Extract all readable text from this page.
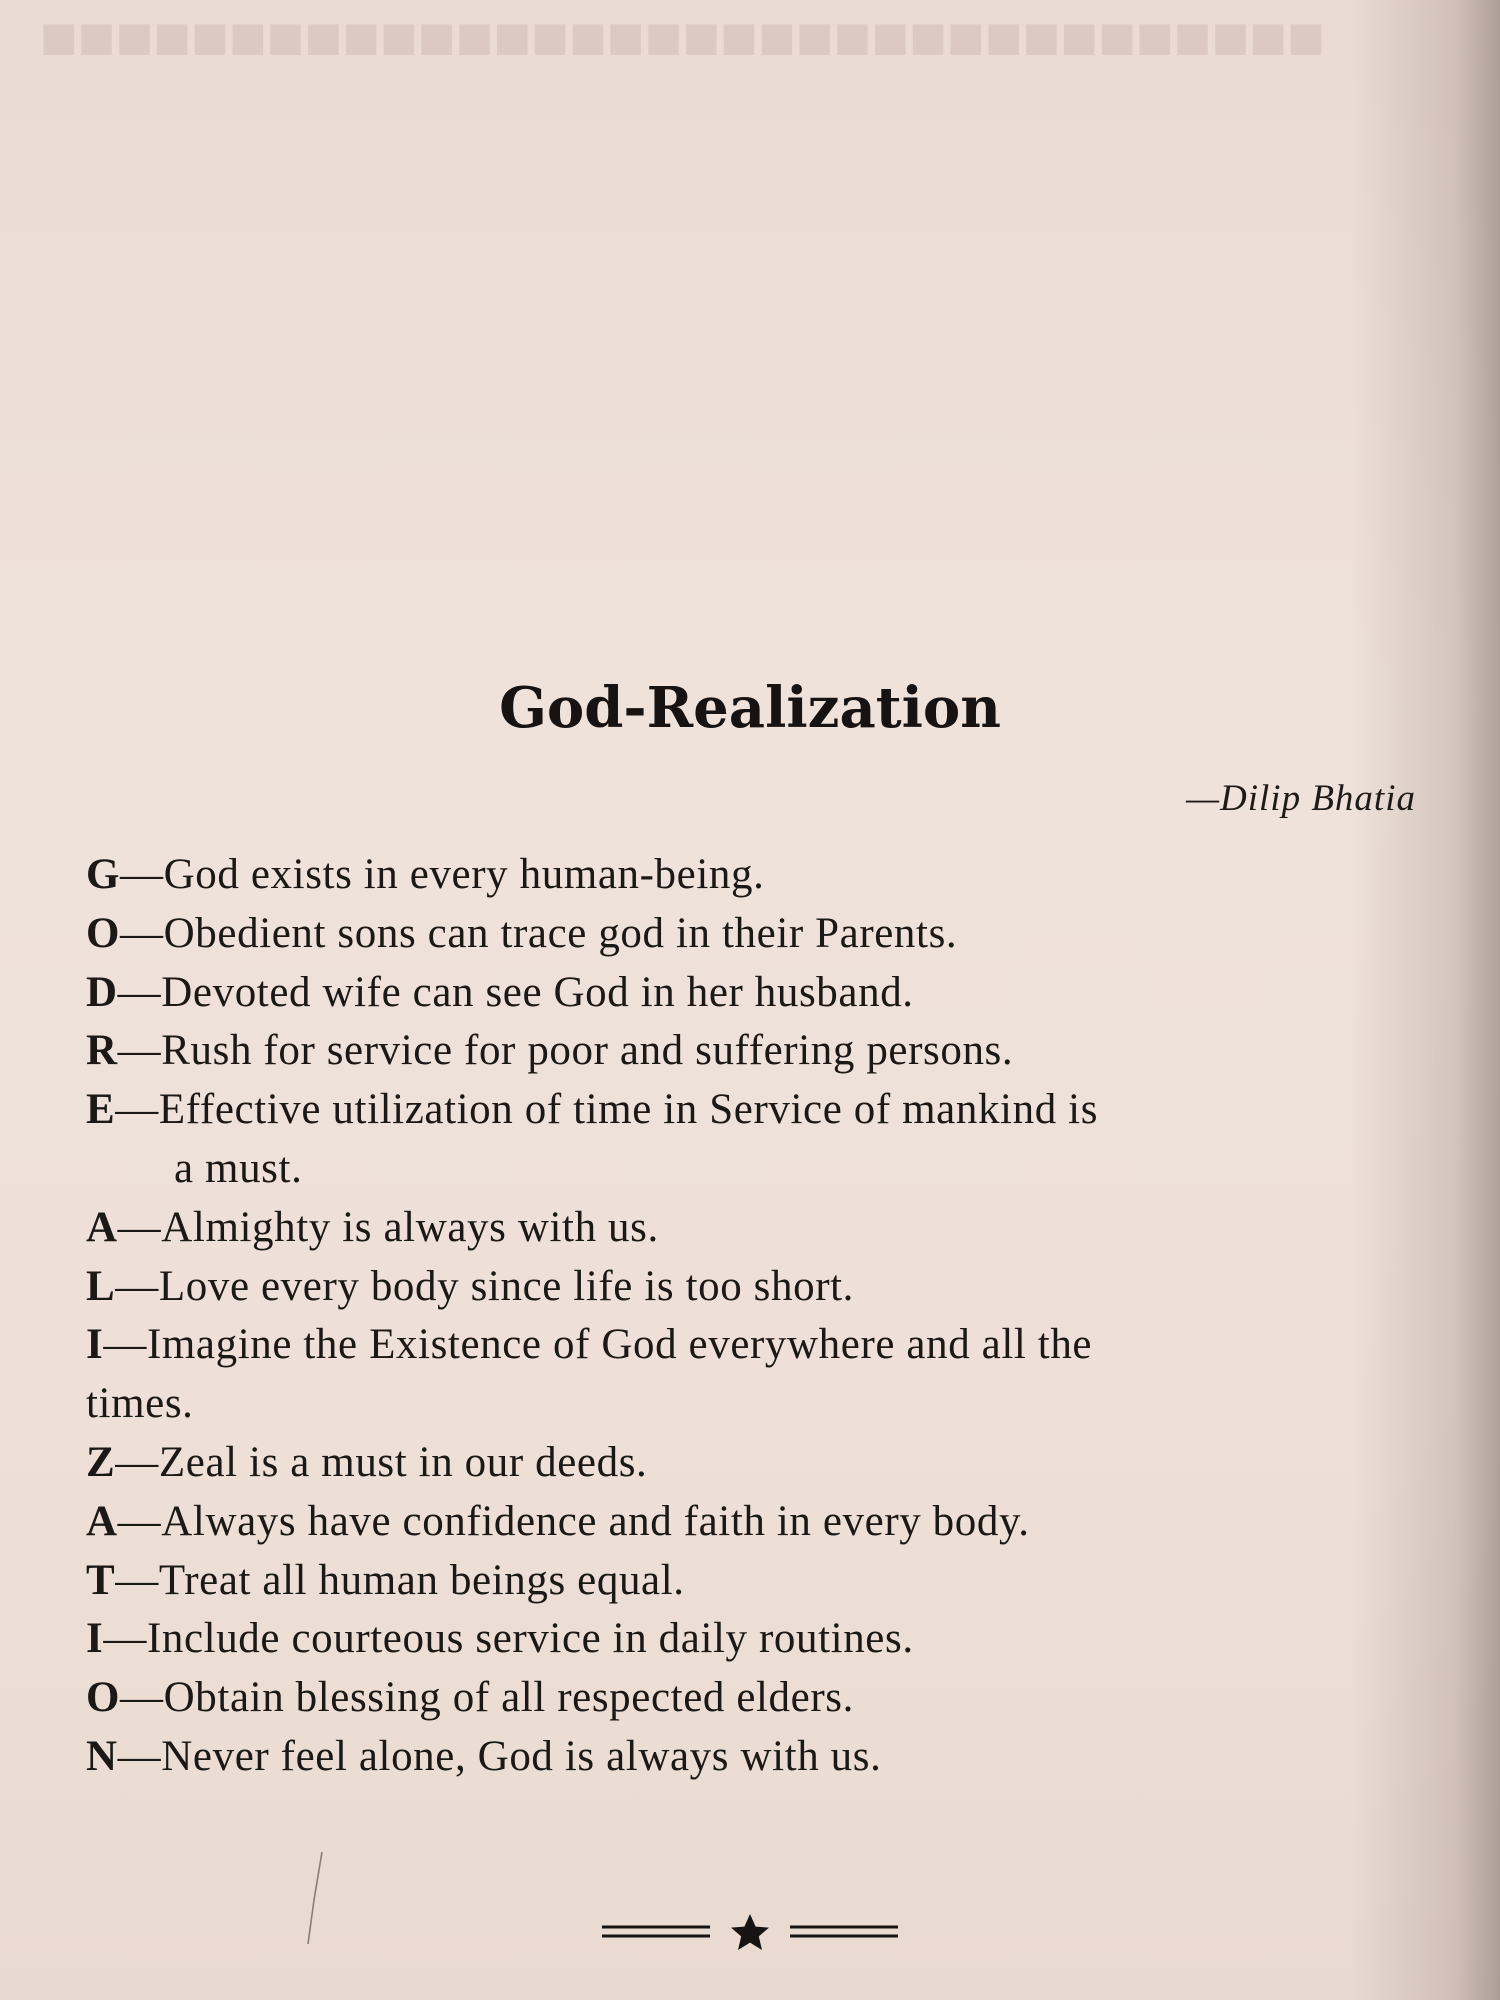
■■■■■■■■■■■■■■■■■■■■■■■■■■■■■■■■■■
God-Realization
—Dilip Bhatia
G—God exists in every human-being.
O—Obedient sons can trace god in their Parents.
D—Devoted wife can see God in her husband.
R—Rush for service for poor and suffering persons.
E—Effective utilization of time in Service of mankind is
a must.
A—Almighty is always with us.
L—Love every body since life is too short.
I—Imagine the Existence of God everywhere and all the
times.
Z—Zeal is a must in our deeds.
A—Always have confidence and faith in every body.
T—Treat all human beings equal.
I—Include courteous service in daily routines.
O—Obtain blessing of all respected elders.
N—Never feel alone, God is always with us.
